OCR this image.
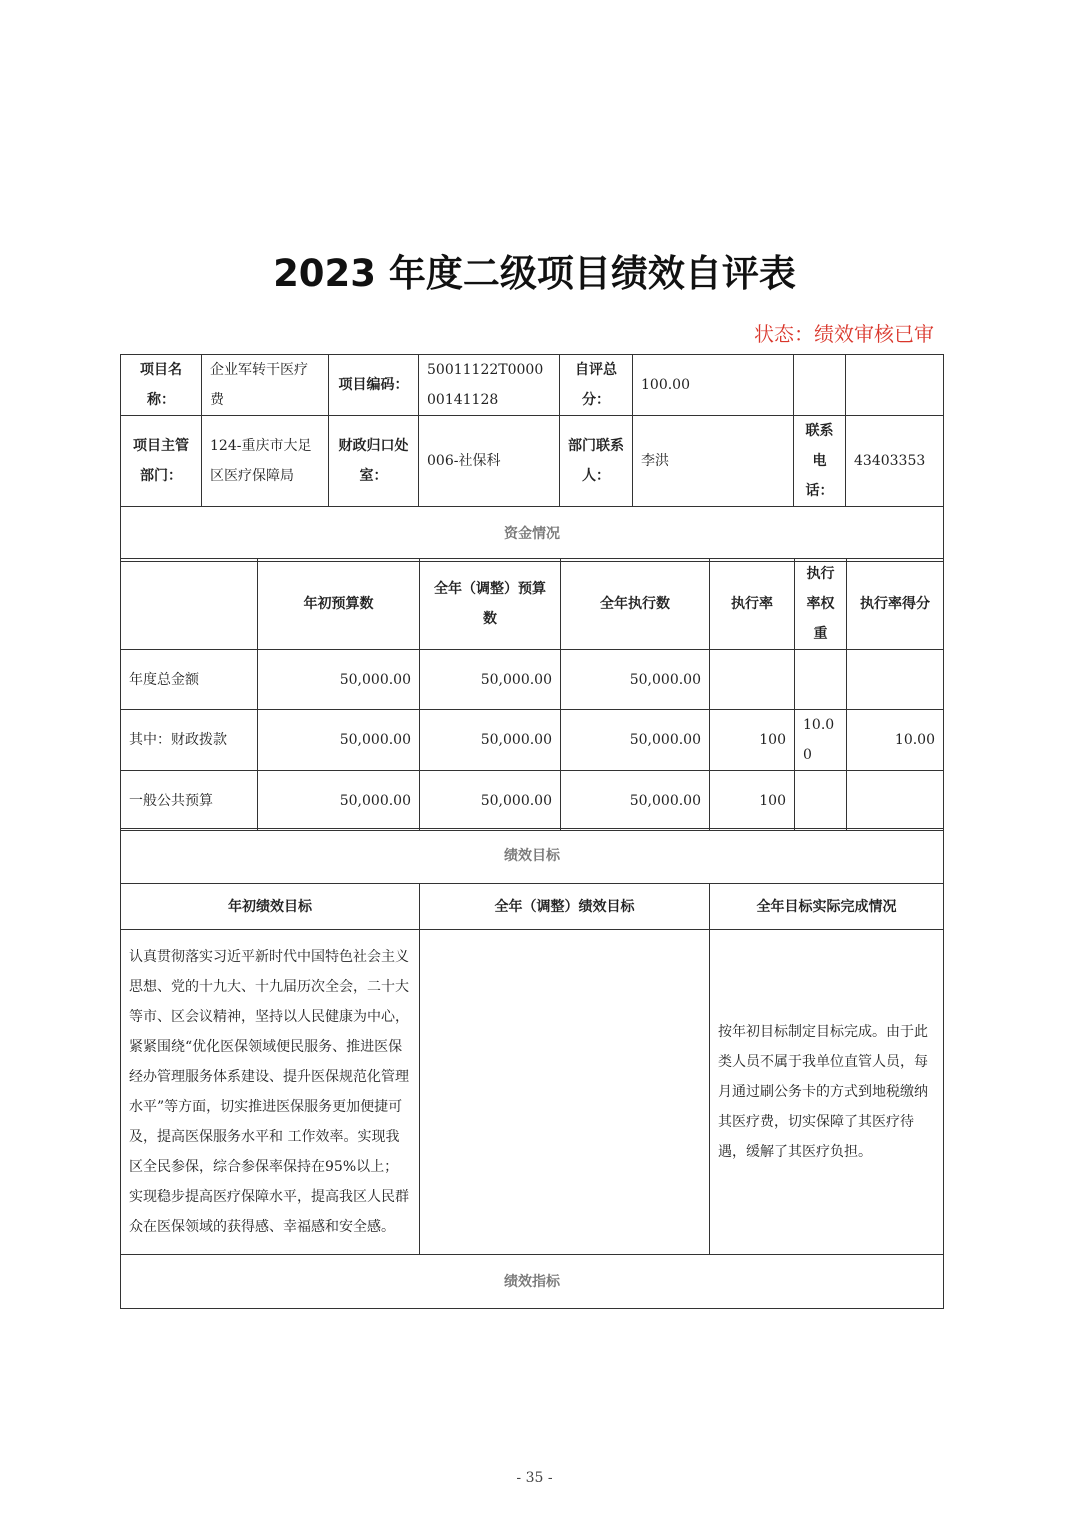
2023 年度二级项目绩效自评表
状态：绩效审核已审
项目名称：	企业军转干医疗费	项目编码：	50011122T000000141128	自评总分：	100.00		
项目主管部门：	124-重庆市大足区医疗保障局	财政归口处室：	006-社保科	部门联系人：	李洪	联系电话：	43403353
资金情况							
	年初预算数	全年（调整）预算数	全年执行数	执行率	执行率权重	执行率得分
年度总金额	50,000.00	50,000.00	50,000.00			
其中：财政拨款	50,000.00	50,000.00	50,000.00	100	10.00	10.00
一般公共预算	50,000.00	50,000.00	50,000.00	100		
绩效目标		
年初绩效目标	全年（调整）绩效目标	全年目标实际完成情况
认真贯彻落实习近平新时代中国特色社会主义思想、党的十九大、十九届历次全会，二十大等市、区会议精神，坚持以人民健康为中心，紧紧围绕“优化医保领域便民服务、推进医保经办管理服务体系建设、提升医保规范化管理水平”等方面，切实推进医保服务更加便捷可及，提高医保服务水平和 工作效率。实现我区全民参保，综合参保率保持在95%以上；实现稳步提高医疗保障水平，提高我区人民群众在医保领域的获得感、幸福感和安全感。		按年初目标制定目标完成。由于此类人员不属于我单位直管人员，每月通过刷公务卡的方式到地税缴纳其医疗费，切实保障了其医疗待遇，缓解了其医疗负担。
绩效指标		
- 35 -
